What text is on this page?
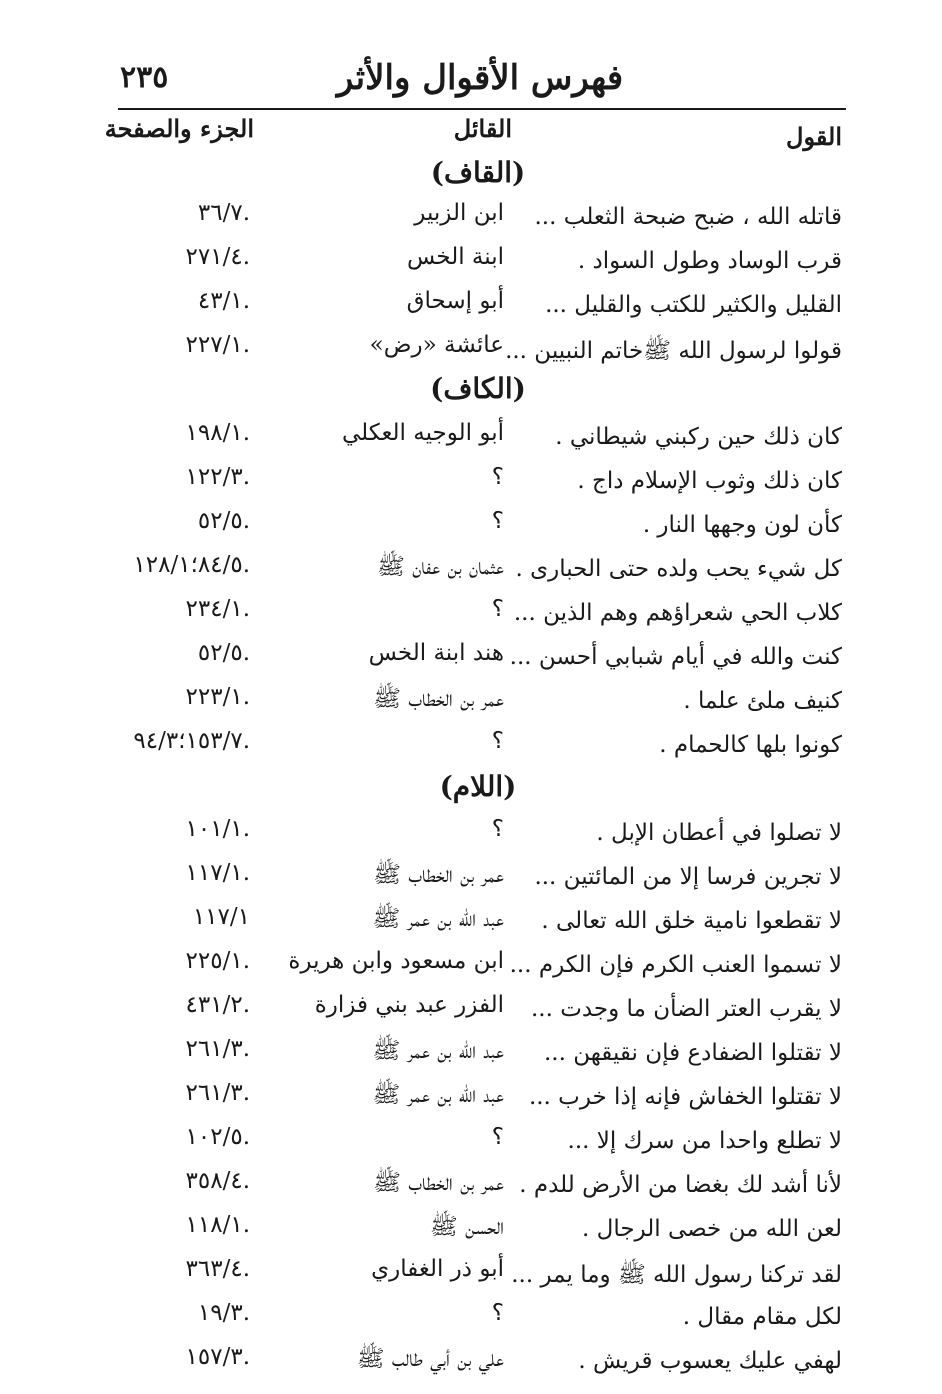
فهرس الأقوال والأثر
٢٣٥
القول
القائل
الجزء والصفحة
(القاف)
قاتله الله ، ضبح ضبحة الثعلب ...
ابن الزبير
.٣٦/٧
قرب الوساد وطول السواد .
ابنة الخس
.٢٧١/٤
القليل والكثير للكتب والقليل ...
أبو إسحاق
.٤٣/١
قولوا لرسول الله ﷺخاتم النبيين ...
عائشة «رض»
.٢٢٧/١
(الكاف)
كان ذلك حين ركبني شيطاني .
أبو الوجيه العكلي
.١٩٨/١
كان ذلك وثوب الإسلام داج .
؟
.١٢٢/٣
كأن لون وجهها النار .
؟
.٥٢/٥
كل شيء يحب ولده حتى الحبارى .
عثمان بن عفان ﷺ
.٨٤/٥؛١٢٨/١
كلاب الحي شعراؤهم وهم الذين ...
؟
.٢٣٤/١
كنت والله في أيام شبابي أحسن ...
هند ابنة الخس
.٥٢/٥
كنيف ملئ علما .
عمر بن الخطاب ﷺ
.٢٢٣/١
كونوا بلها كالحمام .
؟
.١٥٣/٧؛٩٤/٣
(اللام)
لا تصلوا في أعطان الإبل .
؟
.١٠١/١
لا تجرين فرسا إلا من المائتين ...
عمر بن الخطاب ﷺ
.١١٧/١
لا تقطعوا نامية خلق الله تعالى .
عبد الله بن عمر ﷺ
١١٧/١
لا تسموا العنب الكرم فإن الكرم ...
ابن مسعود وابن هريرة
.٢٢٥/١
لا يقرب العتر الضأن ما وجدت ...
الفزر عبد بني فزارة
.٤٣١/٢
لا تقتلوا الضفادع فإن نقيقهن ...
عبد الله بن عمر ﷺ
.٢٦١/٣
لا تقتلوا الخفاش فإنه إذا خرب ...
عبد الله بن عمر ﷺ
.٢٦١/٣
لا تطلع واحدا من سرك إلا ...
؟
.١٠٢/٥
لأنا أشد لك بغضا من الأرض للدم .
عمر بن الخطاب ﷺ
.٣٥٨/٤
لعن الله من خصى الرجال .
الحسن ﷺ
.١١٨/١
لقد تركنا رسول الله ﷺ وما يمر ...
أبو ذر الغفاري
.٣٦٣/٤
لكل مقام مقال .
؟
.١٩/٣
لهفي عليك يعسوب قريش .
علي بن أبي طالب ﷺ
.١٥٧/٣
